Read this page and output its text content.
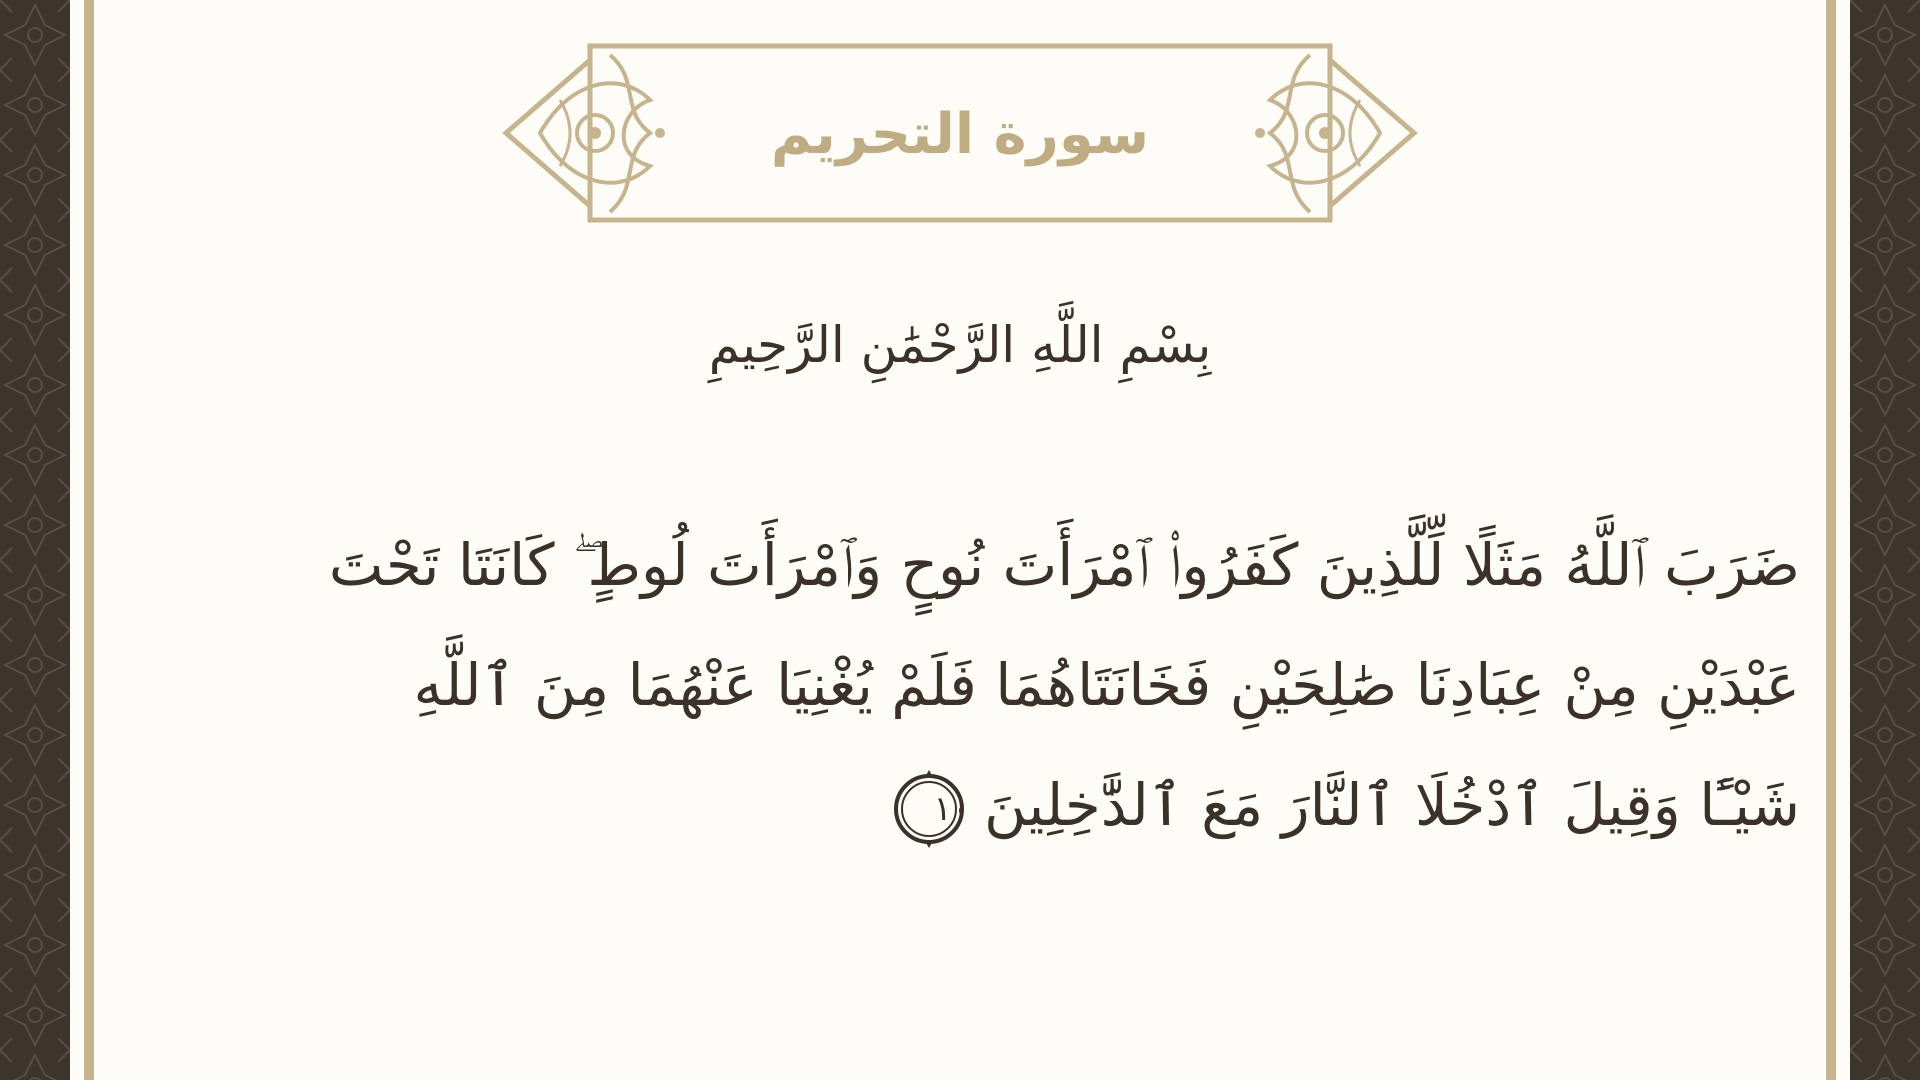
سورة التحريم
بِسْمِ اللَّهِ الرَّحْمَٰنِ الرَّحِيمِ
ضَرَبَ ٱللَّهُ مَثَلًا لِّلَّذِينَ كَفَرُوا۟ ٱمْرَأَتَ نُوحٍ وَٱمْرَأَتَ لُوطٍ ۖ كَانَتَا تَحْتَ
عَبْدَيْنِ مِنْ عِبَادِنَا صَٰلِحَيْنِ فَخَانَتَاهُمَا فَلَمْ يُغْنِيَا عَنْهُمَا مِنَ ٱللَّهِ
شَيْـًٔا وَقِيلَ ٱدْخُلَا ٱلنَّارَ مَعَ ٱلدَّٰخِلِينَ
١٠
